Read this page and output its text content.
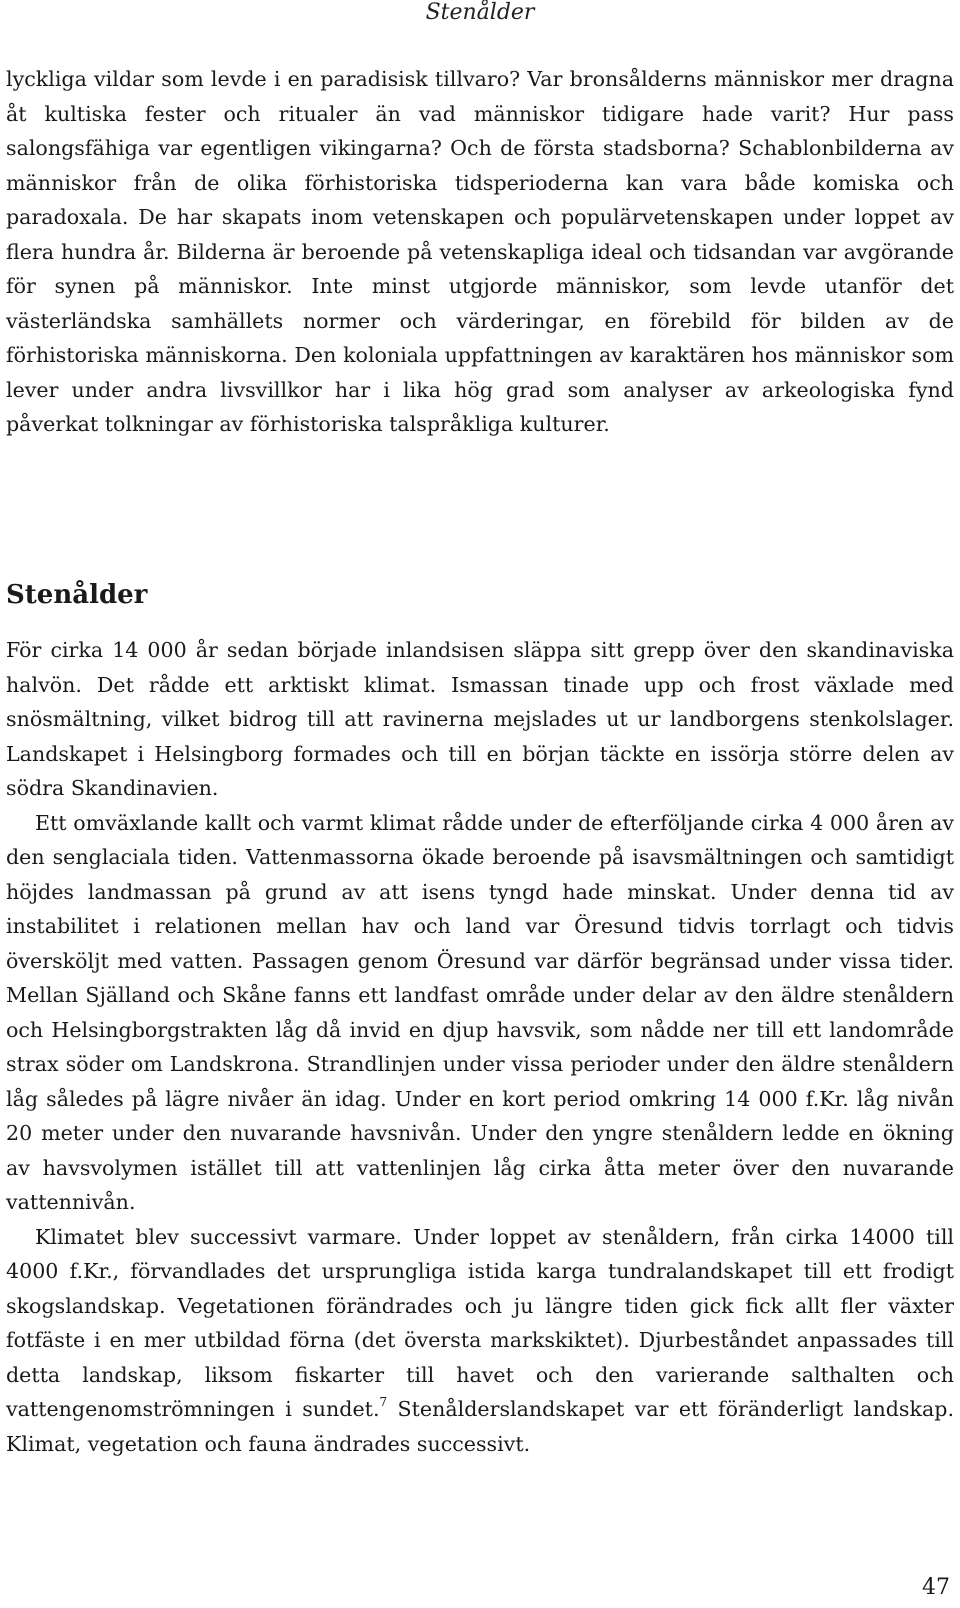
Stenålder

lyckliga vildar som levde i en paradisisk tillvaro? Var bronsålderns människor mer dragna åt kultiska fester och ritualer än vad människor tidigare hade varit? Hur pass salongsfähiga var egentligen vikingarna? Och de första stadsborna? Schablonbilderna av människor från de olika förhistoriska tidsperioderna kan vara både komiska och paradoxala. De har skapats inom vetenskapen och populärvetenskapen under loppet av flera hundra år. Bilderna är beroende på vetenskapliga ideal och tidsandan var avgörande för synen på människor. Inte minst utgjorde människor, som levde utanför det västerländska samhällets normer och värderingar, en förebild för bilden av de förhistoriska människorna. Den koloniala uppfattningen av karaktären hos människor som lever under andra livsvillkor har i lika hög grad som analyser av arkeologiska fynd påverkat tolkningar av förhistoriska talspråkliga kulturer.

Stenålder

För cirka 14 000 år sedan började inlandsisen släppa sitt grepp över den skandinaviska halvön. Det rådde ett arktiskt klimat. Ismassan tinade upp och frost växlade med snösmältning, vilket bidrog till att ravinerna mejslades ut ur landborgens stenkolslager. Landskapet i Helsingborg formades och till en början täckte en issörja större delen av södra Skandinavien.

Ett omväxlande kallt och varmt klimat rådde under de efterföljande cirka 4 000 åren av den senglaciala tiden. Vattenmassorna ökade beroende på isavsmältningen och samtidigt höjdes landmassan på grund av att isens tyngd hade minskat. Under denna tid av instabilitet i relationen mellan hav och land var Öresund tidvis torrlagt och tidvis översköljt med vatten. Passagen genom Öresund var därför begränsad under vissa tider. Mellan Själland och Skåne fanns ett landfast område under delar av den äldre stenåldern och Helsingborgstrakten låg då invid en djup havsvik, som nådde ner till ett landområde strax söder om Landskrona. Strandlinjen under vissa perioder under den äldre stenåldern låg således på lägre nivåer än idag. Under en kort period omkring 14 000 f.Kr. låg nivån 20 meter under den nuvarande havsnivån. Under den yngre stenåldern ledde en ökning av havsvolymen istället till att vattenlinjen låg cirka åtta meter över den nuvarande vattennivån.

Klimatet blev successivt varmare. Under loppet av stenåldern, från cirka 14000 till 4000 f.Kr., förvandlades det ursprungliga istida karga tundralandskapet till ett frodigt skogslandskap. Vegetationen förändrades och ju längre tiden gick fick allt fler växter fotfäste i en mer utbildad förna (det översta markskiktet). Djurbeståndet anpassades till detta landskap, liksom fiskarter till havet och den varierande salthalten och vattengenomströmningen i sundet.$^7$ Stenålderslandskapet var ett föränderligt landskap. Klimat, vegetation och fauna ändrades successivt.

47
